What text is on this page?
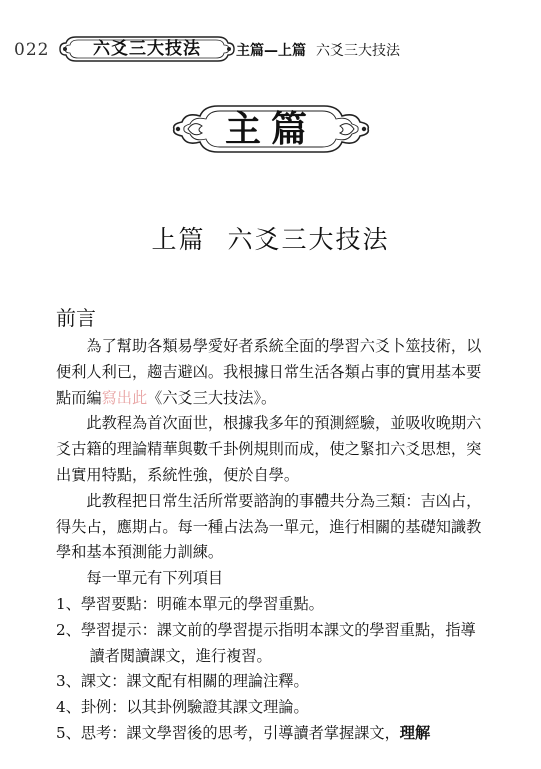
022	六爻三大技法	主篇—上篇 六爻三大技法
主篇
上篇 六爻三大技法
前言

為了幫助各類易學愛好者系統全面的學習六爻卜筮技術，以便利人利已，趨吉避凶。我根據日常生活各類占事的實用基本要點而編寫出此《六爻三大技法》。

此教程為首次面世，根據我多年的預測經驗，並吸收晚期六爻古籍的理論精華與數千卦例規則而成，使之緊扣六爻思想，突出實用特點，系統性強，便於自學。

此教程把日常生活所常要諮詢的事體共分為三類：吉凶占，得失占，應期占。每一種占法為一單元，進行相關的基礎知識教學和基本預測能力訓練。

每一單元有下列項目

1、學習要點：明確本單元的學習重點。

2、學習提示：課文前的學習提示指明本課文的學習重點，指導讀者閱讀課文，進行複習。

3、課文：課文配有相關的理論注釋。

4、卦例：以其卦例驗證其課文理論。

5、思考：課文學習後的思考，引導讀者掌握課文，理解
